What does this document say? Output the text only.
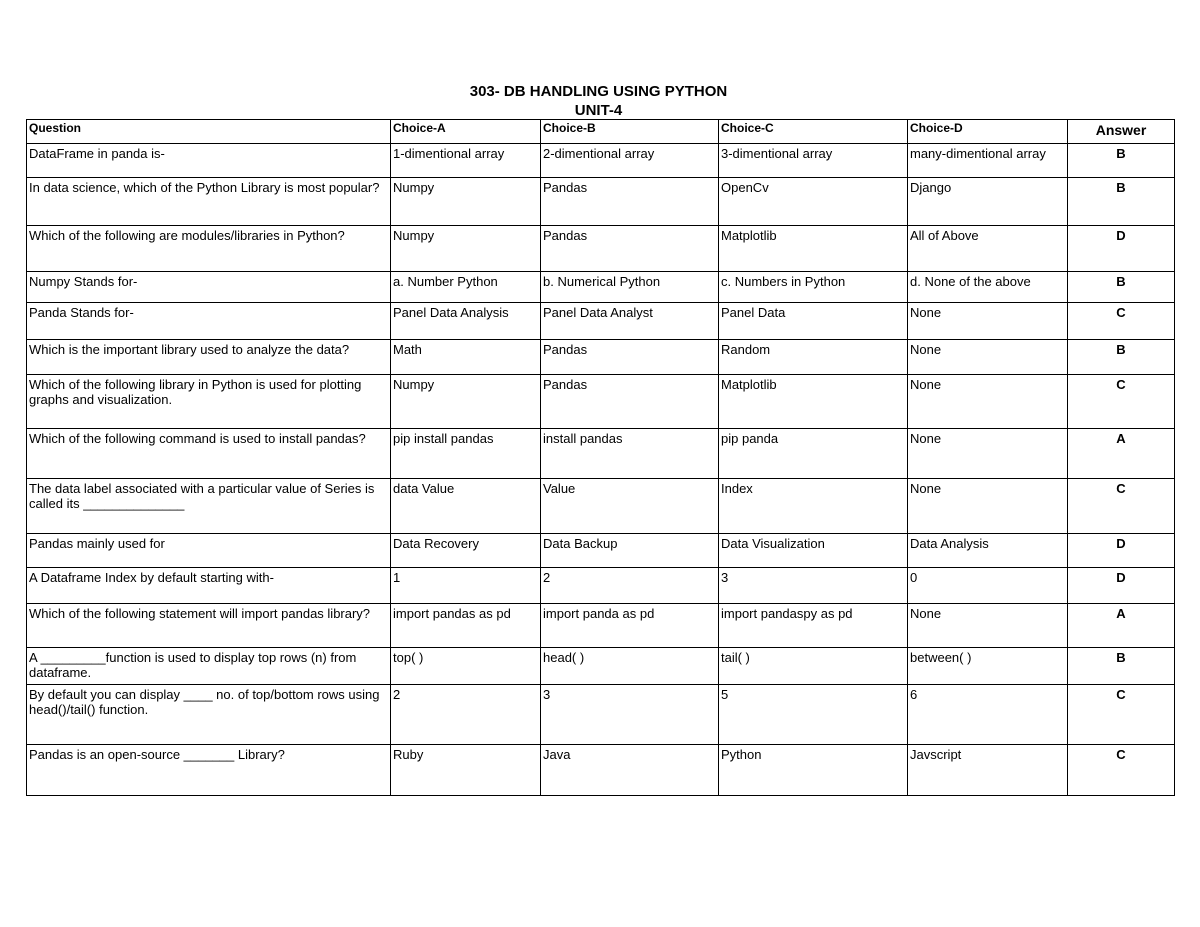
303- DB HANDLING USING PYTHON
UNIT-4
Question	Choice-A	Choice-B	Choice-C	Choice-D	Answer
DataFrame in panda is-	1-dimentional array	2-dimentional array	3-dimentional array	many-dimentional array	B
In data science, which of the Python Library is most popular?	Numpy	Pandas	OpenCv	Django	B
Which of the following are modules/libraries in Python?	Numpy	Pandas	Matplotlib	All of Above	D
Numpy Stands for-	a. Number Python	b. Numerical Python	c. Numbers in Python	d. None of the above	B
Panda Stands for-	Panel Data Analysis	Panel Data Analyst	Panel Data	None	C
Which is the important library used to analyze the data?	Math	Pandas	Random	None	B
Which of the following library in Python is used for plotting graphs and visualization.	Numpy	Pandas	Matplotlib	None	C
Which of the following command is used to install pandas?	pip install pandas	install pandas	pip panda	None	A
The data label associated with a particular value of Series is called its ______________	data Value	Value	Index	None	C
Pandas mainly used for	Data Recovery	Data Backup	Data Visualization	Data Analysis	D
A Dataframe Index by default starting with-	1	2	3	0	D
Which of the following statement will import pandas library?	import pandas as pd	import panda as pd	import pandaspy as pd	None	A
A _________function is used to display top rows (n) from dataframe.	top( )	head( )	tail( )	between( )	B
By default you can display ____ no. of top/bottom rows using head()/tail() function.	2	3	5	6	C
Pandas is an open-source _______ Library?	Ruby	Java	Python	Javscript	C
